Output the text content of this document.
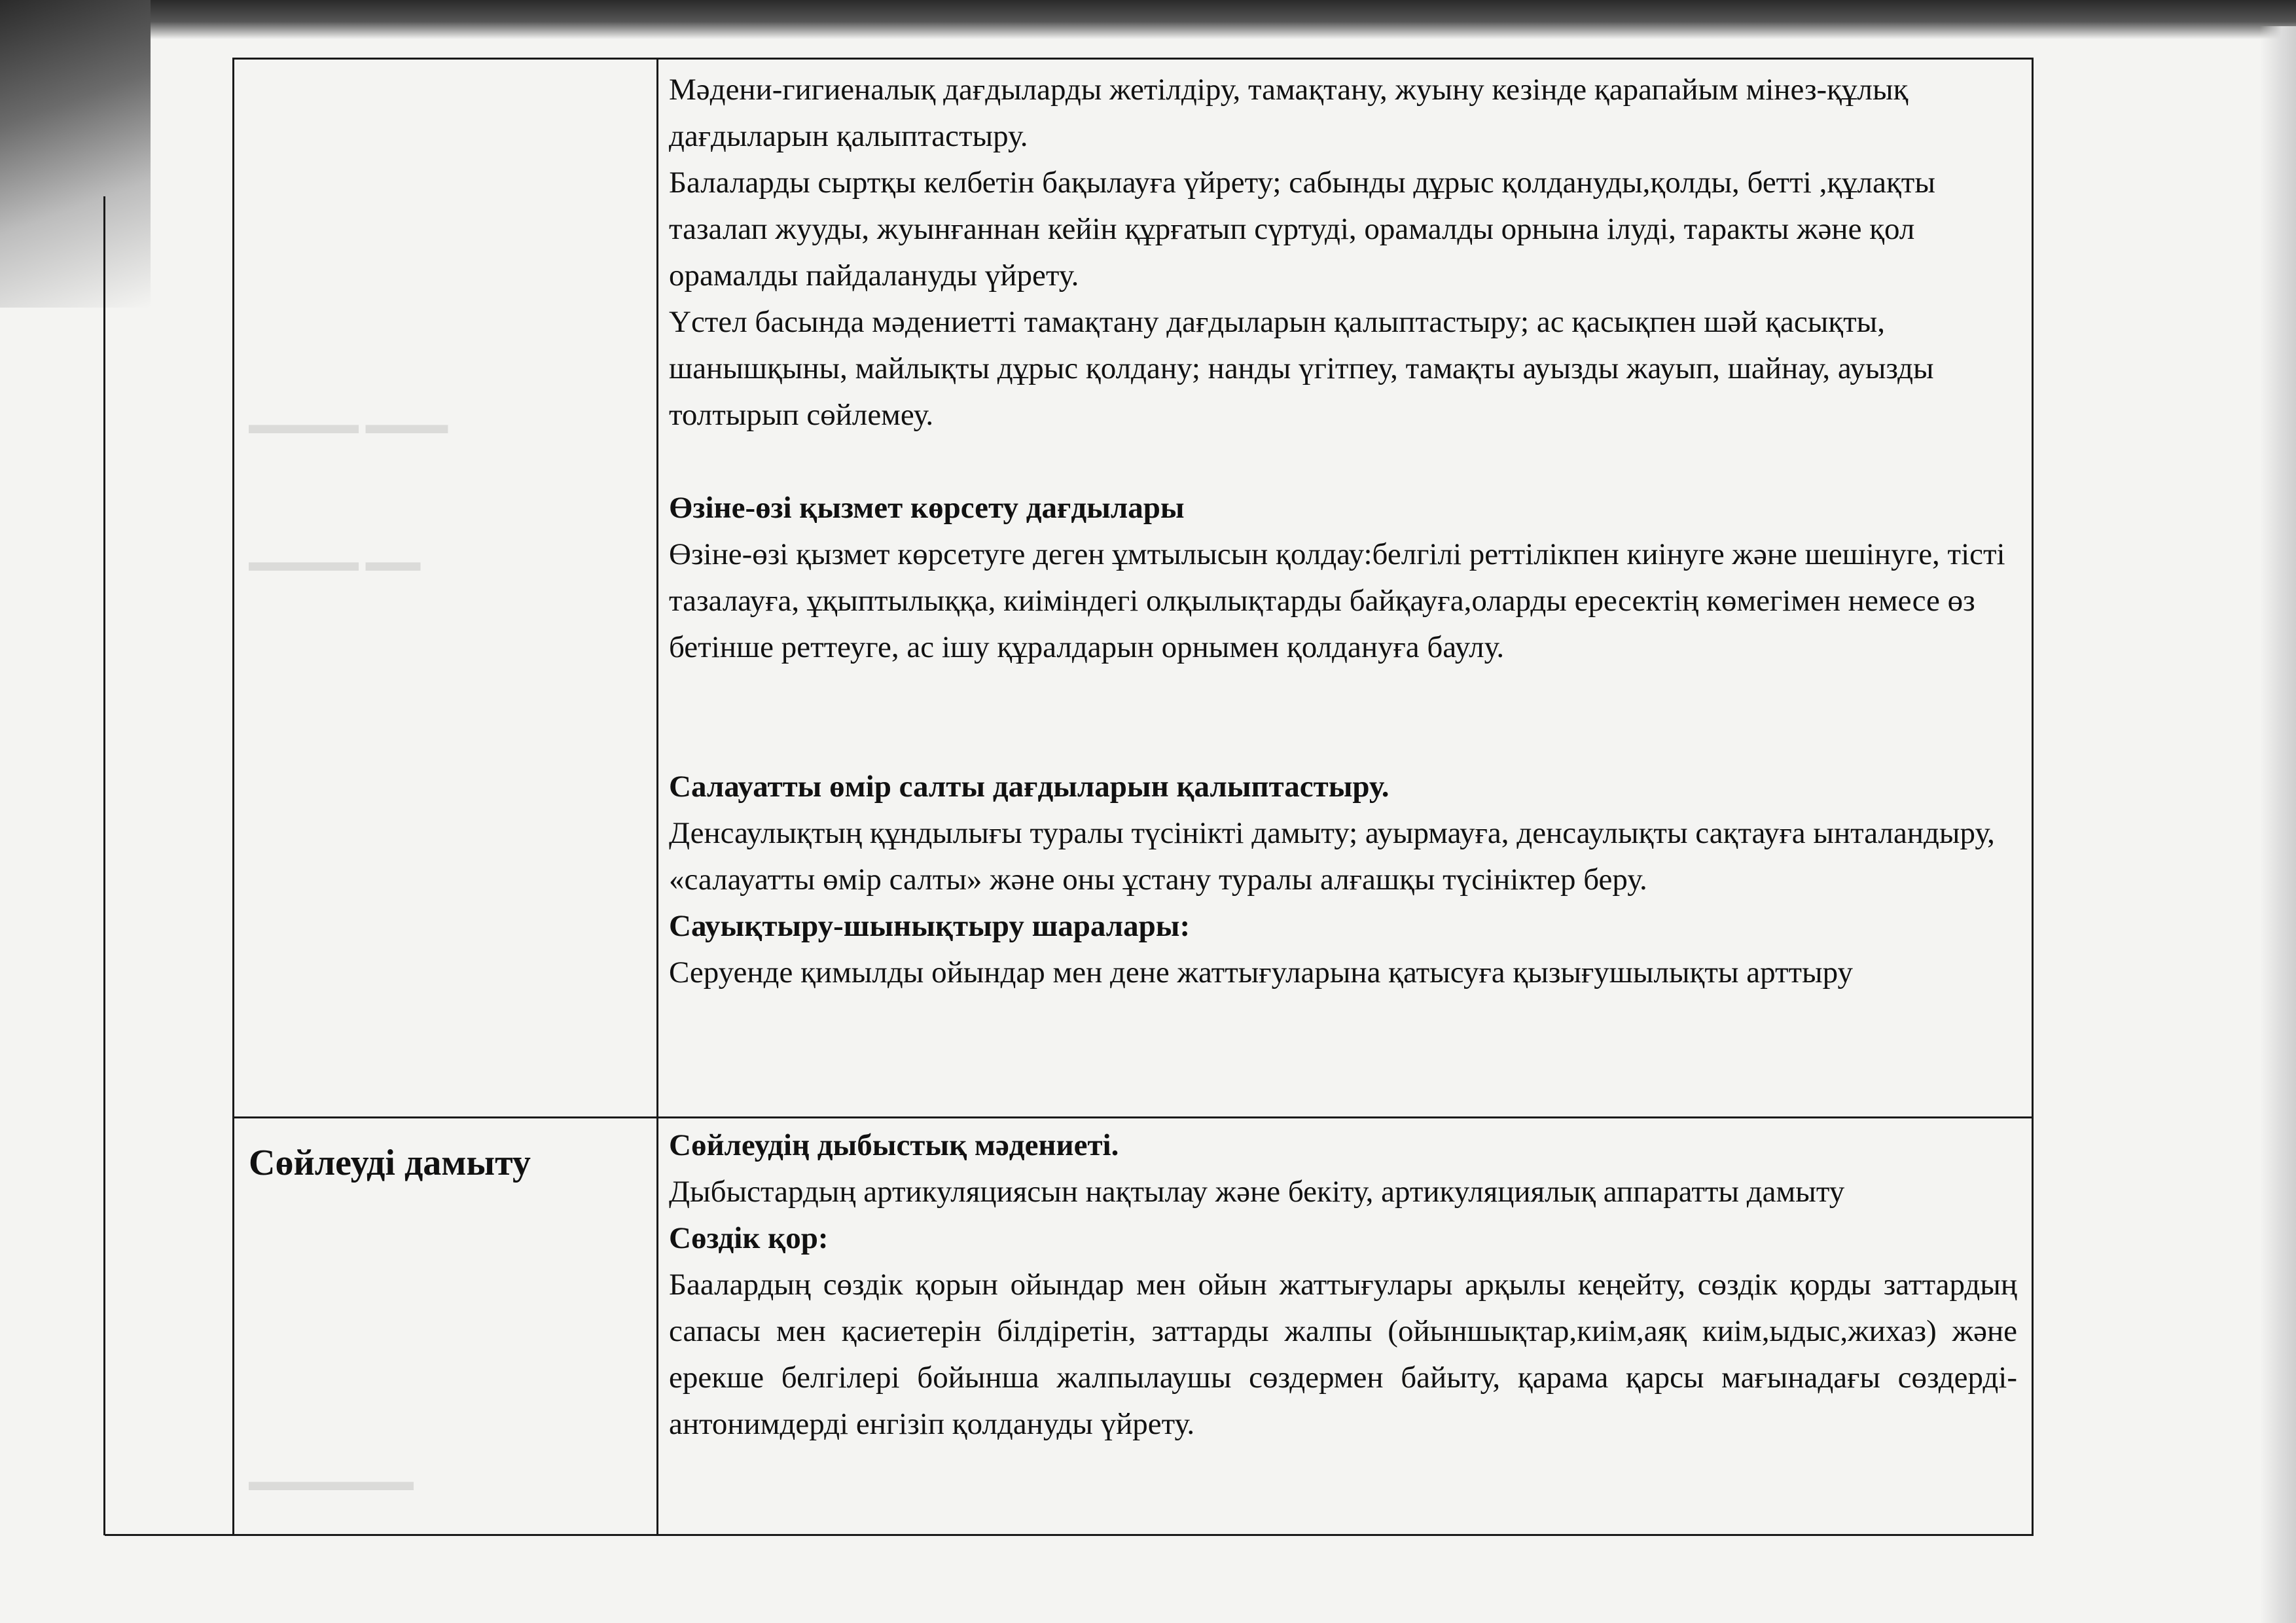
▬▬▬▬ ▬▬▬
▬▬▬▬ ▬▬
▬▬▬▬▬▬

Мәдени-гигиеналық дағдыларды жетілдіру, тамақтану, жуыну кезінде қарапайым мінез-құлық дағдыларын қалыптастыру.

Балаларды сыртқы келбетін бақылауға үйрету; сабынды дұрыс қолдануды,қолды, бетті ,құлақты тазалап жууды, жуынғаннан кейін құрғатып сүртуді, орамалды орнына ілуді, таракты және қол орамалды пайдалануды үйрету.

Үстел басында мәдениетті тамақтану дағдыларын қалыптастыру; ас қасықпен шәй қасықты, шанышқыны, майлықты дұрыс қолдану; нанды үгітпеу, тамақты ауызды жауып, шайнау, ауызды толтырып сөйлемеу.

Өзіне-өзі қызмет көрсету дағдылары

Өзіне-өзі қызмет көрсетуге деген ұмтылысын қолдау:белгілі реттілікпен киінуге және шешінуге, тісті тазалауға, ұқыптылыққа, киіміндегі олқылықтарды байқауға,оларды ересектің көмегімен немесе өз бетінше реттеуге, ас ішу құралдарын орнымен қолдануға баулу.

Салауатты өмір салты дағдыларын қалыптастыру.

Денсаулықтың құндылығы туралы түсінікті дамыту; ауырмауға, денсаулықты сақтауға ынталандыру, «салауатты өмір салты» және оны ұстану туралы алғашқы түсініктер беру.

Сауықтыру-шынықтыру шаралары:

Серуенде қимылды ойындар мен дене жаттығуларына қатысуға қызығушылықты арттыру

Сөйлеуді дамыту	Сөйлеудің дыбыстық мәдениеті.

Дыбыстардың артикуляциясын нақтылау және бекіту, артикуляциялық аппаратты дамыту

Сөздік қор:

Баалардың сөздік қорын ойындар мен ойын жаттығулары арқылы кеңейту, сөздік қорды заттардың сапасы мен қасиетерін білдіретін, заттарды жалпы (ойыншықтар,киім,аяқ киім,ыдыс,жихаз) және ерекше белгілері бойынша жалпылаушы сөздермен байыту, қарама қарсы мағынадағы сөздерді-антонимдерді енгізіп қолдануды үйрету.
